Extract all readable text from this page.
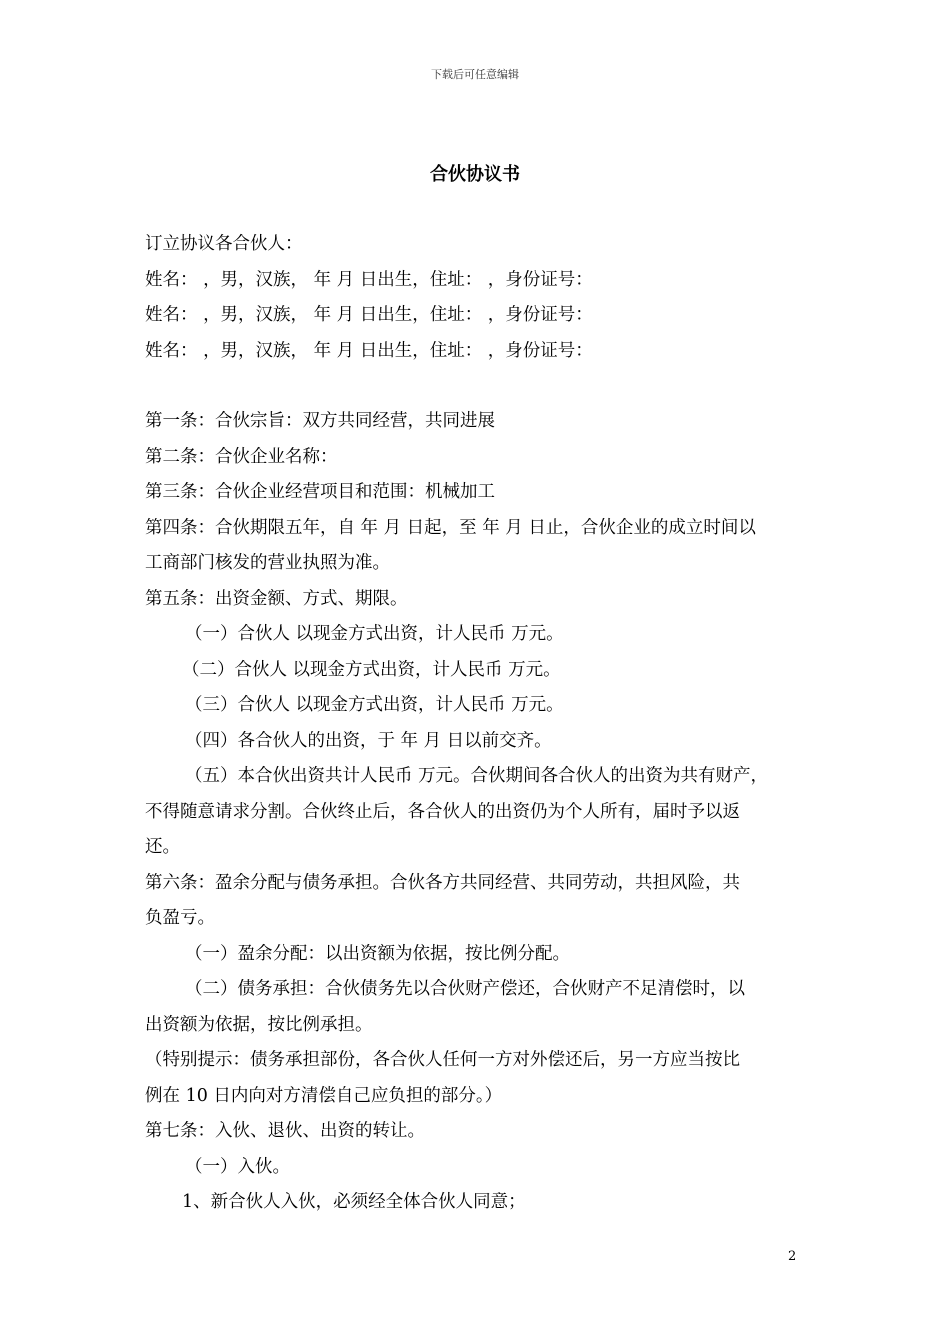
下载后可任意编辑
合伙协议书
订立协议各合伙人：
姓名： ，男，汉族， 年 月 日出生，住址： ，身份证号：
姓名： ，男，汉族， 年 月 日出生，住址： ，身份证号：
姓名： ，男，汉族， 年 月 日出生，住址： ，身份证号：
第一条：合伙宗旨：双方共同经营，共同进展
第二条：合伙企业名称：
第三条：合伙企业经营项目和范围：机械加工
第四条：合伙期限五年，自 年 月 日起，至 年 月 日止，合伙企业的成立时间以
工商部门核发的营业执照为准。
第五条：出资金额、方式、期限。
（一）合伙人 以现金方式出资，计人民币 万元。
（二）合伙人 以现金方式出资，计人民币 万元。
（三）合伙人 以现金方式出资，计人民币 万元。
（四）各合伙人的出资，于 年 月 日以前交齐。
（五）本合伙出资共计人民币 万元。合伙期间各合伙人的出资为共有财产，
不得随意请求分割。合伙终止后，各合伙人的出资仍为个人所有，届时予以返
还。
第六条：盈余分配与债务承担。合伙各方共同经营、共同劳动，共担风险，共
负盈亏。
（一）盈余分配：以出资额为依据，按比例分配。
（二）债务承担：合伙债务先以合伙财产偿还，合伙财产不足清偿时，以
出资额为依据，按比例承担。
（特别提示：债务承担部份，各合伙人任何一方对外偿还后，另一方应当按比
例在 10 日内向对方清偿自己应负担的部分。）
第七条：入伙、退伙、出资的转让。
（一）入伙。
1、新合伙人入伙，必须经全体合伙人同意；
2
